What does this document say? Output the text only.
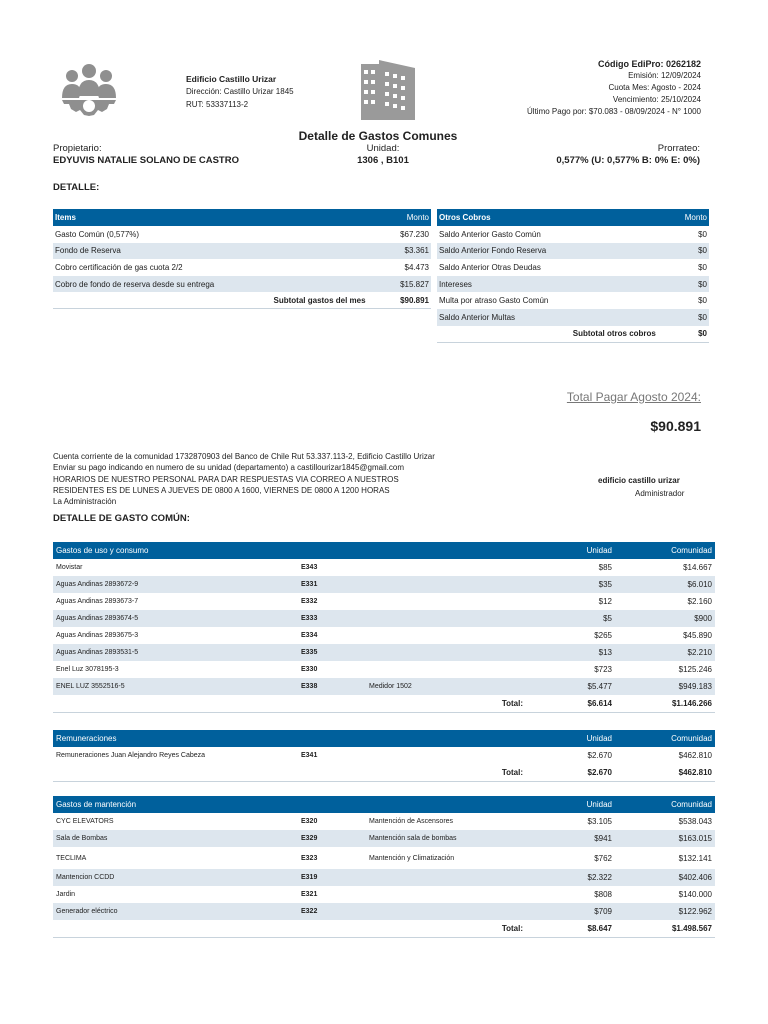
Edificio Castillo Urizar
Dirección: Castillo Urizar 1845
RUT: 53337113-2
Código EdiPro: 0262182
Emisión: 12/09/2024
Cuota Mes: Agosto - 2024
Vencimiento: 25/10/2024
Último Pago por: $70.083 - 08/09/2024 - N° 1000
Detalle de Gastos Comunes
Propietario:
EDYUVIS NATALIE SOLANO DE CASTRO
Unidad:
1306 , B101
Prorrateo:
0,577% (U: 0,577% B: 0% E: 0%)
DETALLE:
Items	Monto
Gasto Común (0,577%)	$67.230
Fondo de Reserva	$3.361
Cobro certificación de gas cuota 2/2	$4.473
Cobro de fondo de reserva desde su entrega	$15.827
Subtotal gastos del mes	$90.891
Otros Cobros	Monto
Saldo Anterior Gasto Común	$0
Saldo Anterior Fondo Reserva	$0
Saldo Anterior Otras Deudas	$0
Intereses	$0
Multa por atraso Gasto Común	$0
Saldo Anterior Multas	$0
Subtotal otros cobros	$0
Total Pagar Agosto 2024:
$90.891
Cuenta corriente de la comunidad 1732870903 del Banco de Chile Rut 53.337.113-2, Edificio Castillo Urizar
Enviar su pago indicando en numero de su unidad (departamento) a castillourizar1845@gmail.com
HORARIOS DE NUESTRO PERSONAL PARA DAR RESPUESTAS VIA CORREO A NUESTROS
RESIDENTES ES DE LUNES A JUEVES DE 0800 A 1600, VIERNES DE 0800 A 1200 HORAS
La Administración
edificio castillo urizar
Administrador
DETALLE DE GASTO COMÚN:
Gastos de uso y consumo			Unidad	Comunidad
Movistar	E343		$85	$14.667
Aguas Andinas 2893672-9	E331		$35	$6.010
Aguas Andinas 2893673-7	E332		$12	$2.160
Aguas Andinas 2893674-5	E333		$5	$900
Aguas Andinas 2893675-3	E334		$265	$45.890
Aguas Andinas 2893531-5	E335		$13	$2.210
Enel Luz 3078195-3	E330		$723	$125.246
ENEL LUZ 3552516-5	E338	Medidor 1502	$5.477	$949.183
		Total:	$6.614	$1.146.266
Remuneraciones			Unidad	Comunidad
Remuneraciones Juan Alejandro Reyes Cabeza	E341		$2.670	$462.810
		Total:	$2.670	$462.810
Gastos de mantención			Unidad	Comunidad
CYC ELEVATORS	E320	Mantención de Ascensores	$3.105	$538.043
Sala de Bombas	E329	Mantención sala de bombas	$941	$163.015
TECLIMA	E323	Mantención y Climatización	$762	$132.141
Mantencion CCDD	E319		$2.322	$402.406
Jardin	E321		$808	$140.000
Generador eléctrico	E322		$709	$122.962
		Total:	$8.647	$1.498.567
